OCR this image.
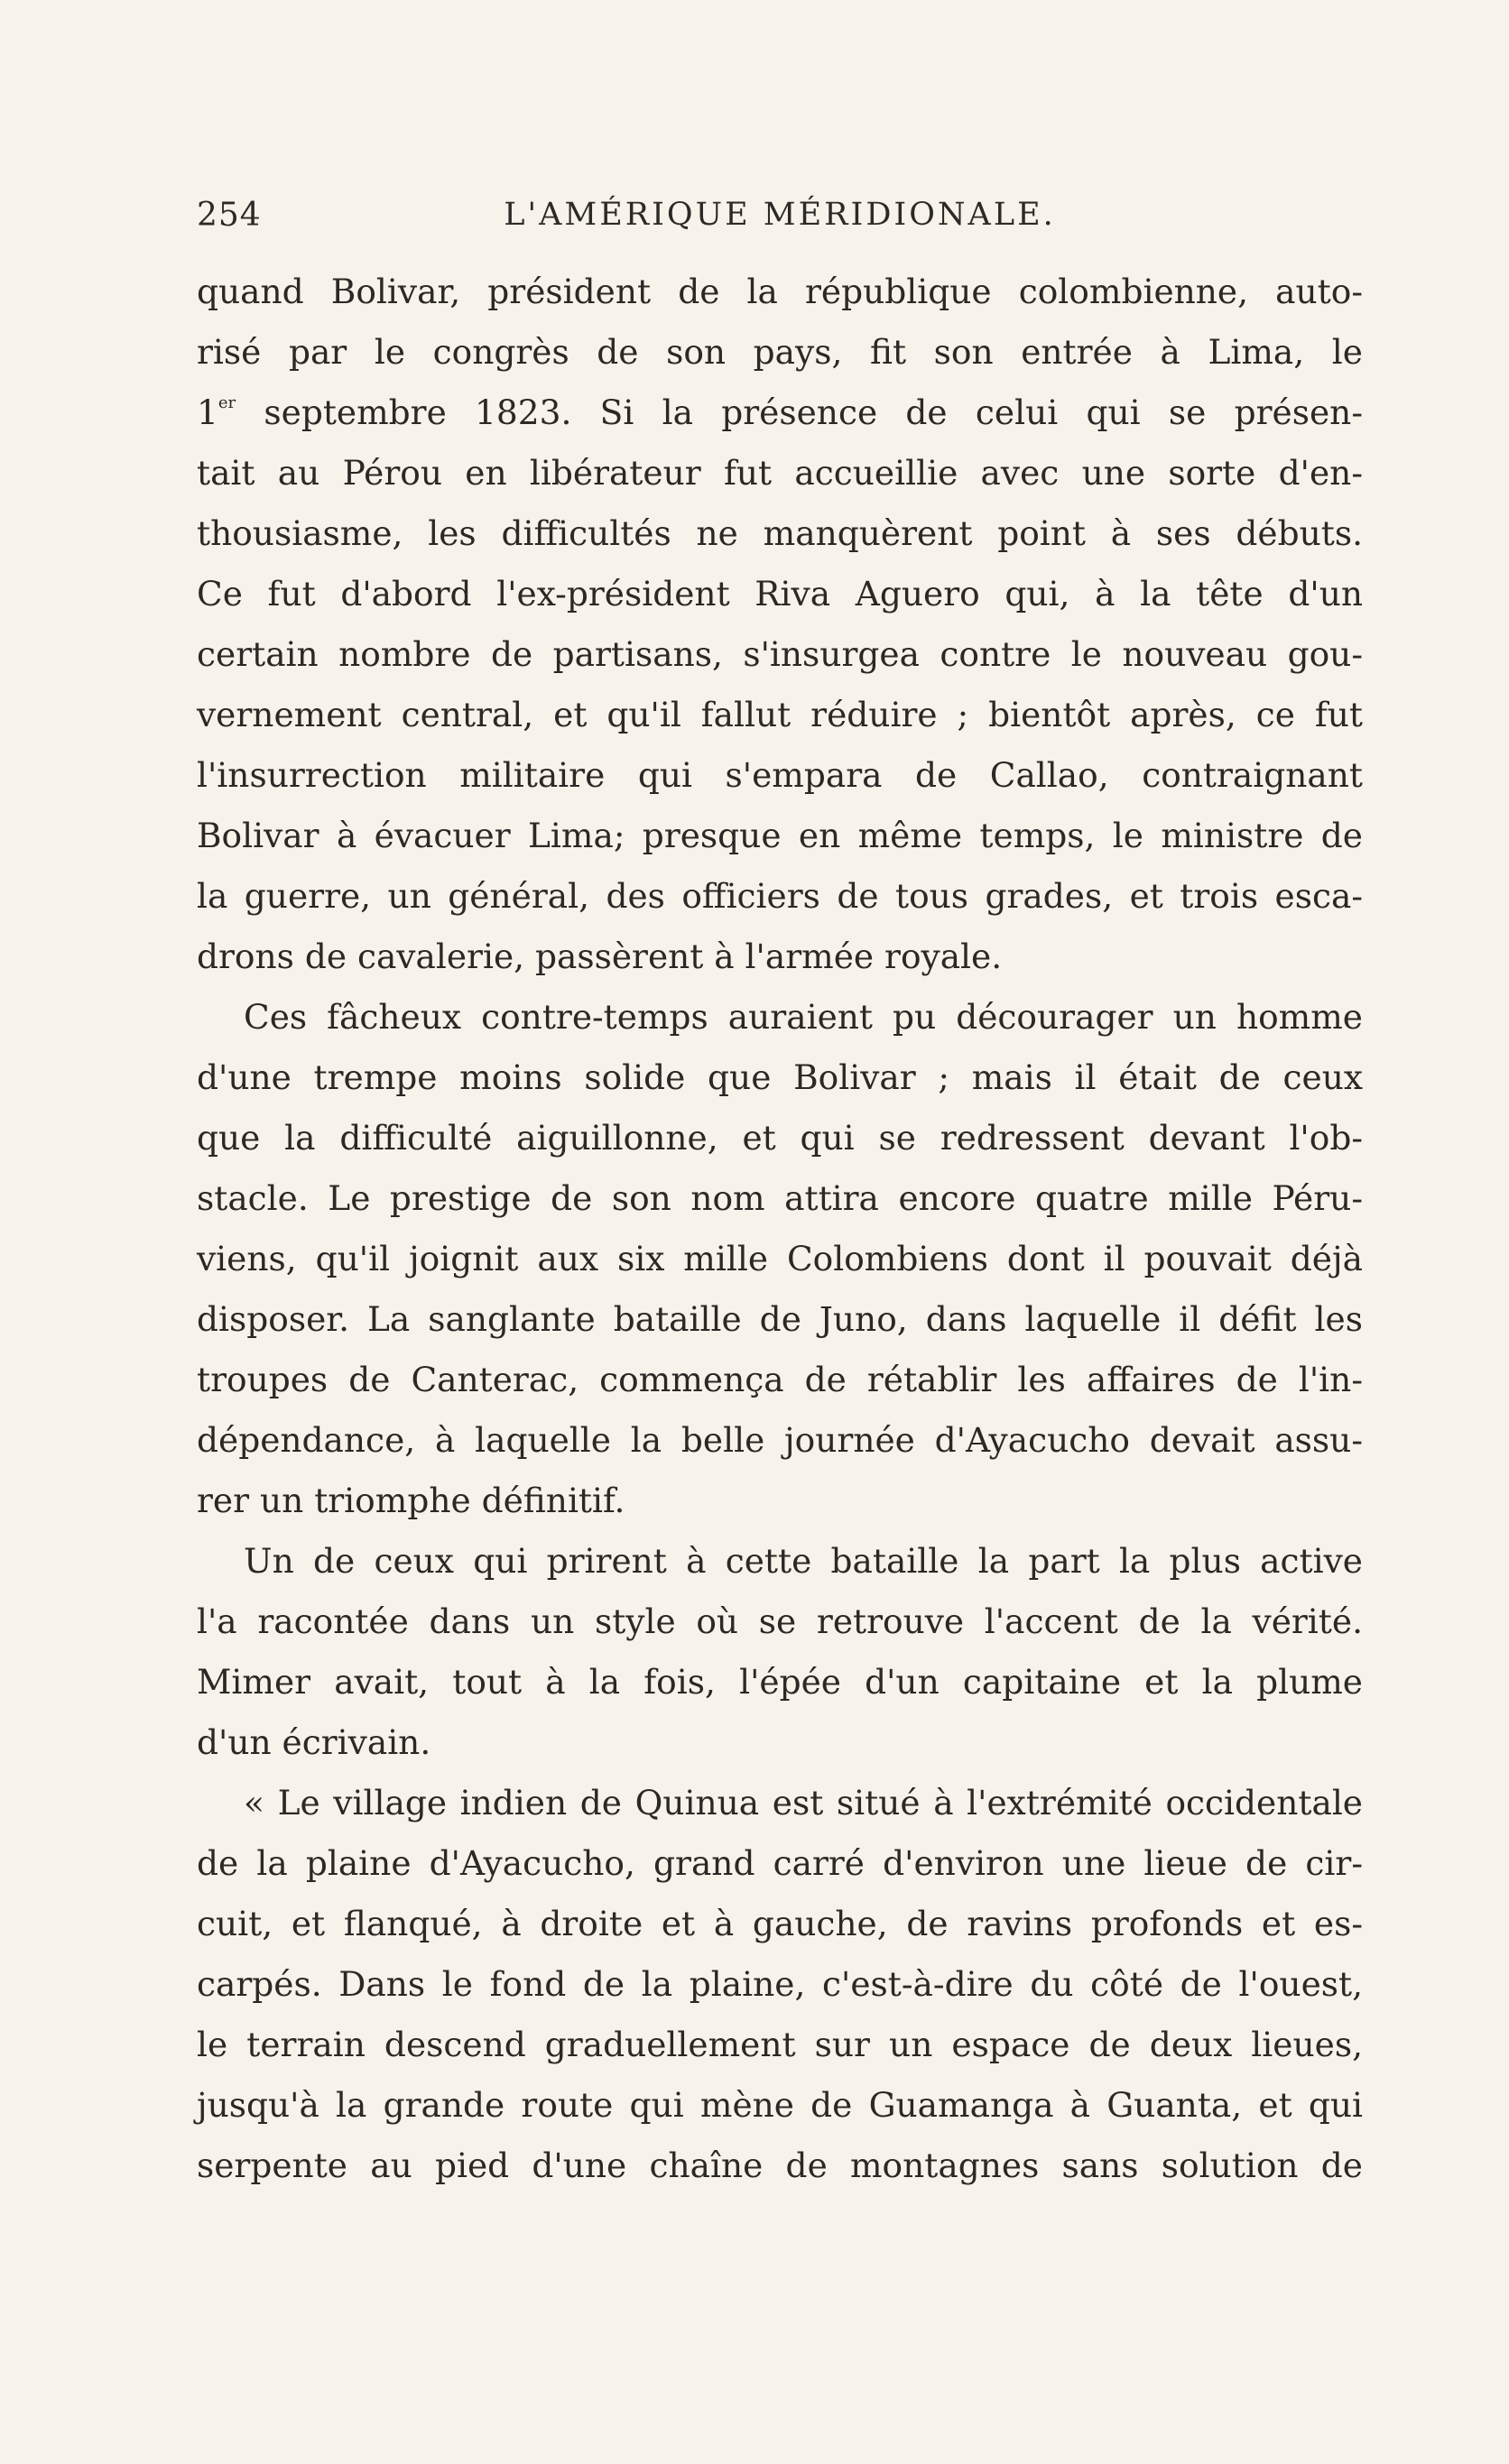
254	L'AMÉRIQUE MÉRIDIONALE.
quand Bolivar, président de la république colombienne, auto-
risé par le congrès de son pays, fit son entrée à Lima, le
1er septembre 1823. Si la présence de celui qui se présen-
tait au Pérou en libérateur fut accueillie avec une sorte d'en-
thousiasme, les difficultés ne manquèrent point à ses débuts.
Ce fut d'abord l'ex-président Riva Aguero qui, à la tête d'un
certain nombre de partisans, s'insurgea contre le nouveau gou-
vernement central, et qu'il fallut réduire ; bientôt après, ce fut
l'insurrection militaire qui s'empara de Callao, contraignant
Bolivar à évacuer Lima; presque en même temps, le ministre de
la guerre, un général, des officiers de tous grades, et trois esca-
drons de cavalerie, passèrent à l'armée royale.
Ces fâcheux contre-temps auraient pu décourager un homme
d'une trempe moins solide que Bolivar ; mais il était de ceux
que la difficulté aiguillonne, et qui se redressent devant l'ob-
stacle. Le prestige de son nom attira encore quatre mille Péru-
viens, qu'il joignit aux six mille Colombiens dont il pouvait déjà
disposer. La sanglante bataille de Juno, dans laquelle il défit les
troupes de Canterac, commença de rétablir les affaires de l'in-
dépendance, à laquelle la belle journée d'Ayacucho devait assu-
rer un triomphe définitif.
Un de ceux qui prirent à cette bataille la part la plus active
l'a racontée dans un style où se retrouve l'accent de la vérité.
Mimer avait, tout à la fois, l'épée d'un capitaine et la plume
d'un écrivain.
« Le village indien de Quinua est situé à l'extrémité occidentale
de la plaine d'Ayacucho, grand carré d'environ une lieue de cir-
cuit, et flanqué, à droite et à gauche, de ravins profonds et es-
carpés. Dans le fond de la plaine, c'est-à-dire du côté de l'ouest,
le terrain descend graduellement sur un espace de deux lieues,
jusqu'à la grande route qui mène de Guamanga à Guanta, et qui
serpente au pied d'une chaîne de montagnes sans solution de
